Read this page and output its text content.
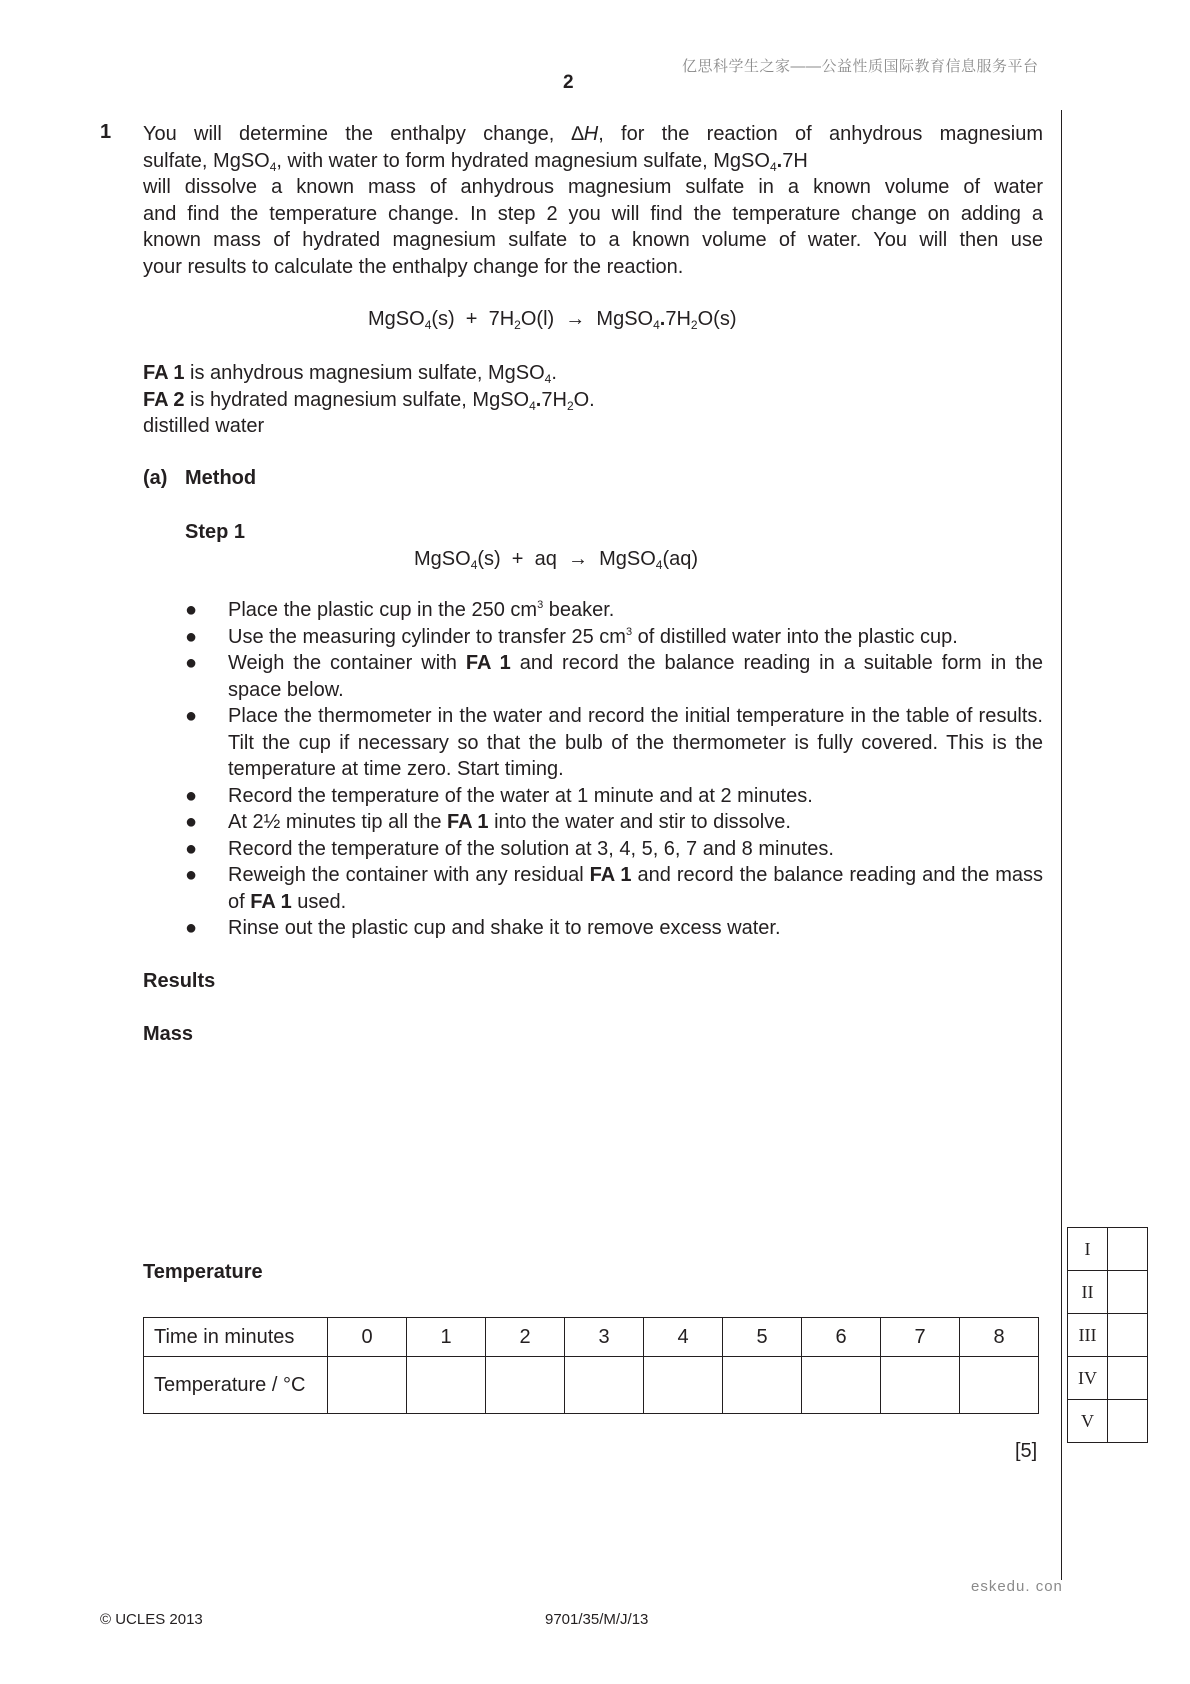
亿思科学生之家——公益性质国际教育信息服务平台
2
1 You will determine the enthalpy change, ∆H, for the reaction of anhydrous magnesium
sulfate, MgSO$_4$, with water to form hydrated magnesium sulfate, MgSO$_4$.7H
will dissolve a known mass of anhydrous magnesium sulfate in a known volume of water
and find the temperature change. In step 2 you will find the temperature change on adding a
known mass of hydrated magnesium sulfate to a known volume of water. You will then use
your results to calculate the enthalpy change for the reaction.
MgSO$_4$(s)  +  $7H_2O(l)$  →  $MgSO_4.7H_2O(s)$
FA 1 is anhydrous magnesium sulfate, MgSO$_4$.
FA 2 is hydrated magnesium sulfate, $MgSO_4.7H_2O$.
distilled water
(a) Method
Step 1
MgSO$_4$(s)  +  aq  →  MgSO$_4$(aq)
● Place the plastic cup in the 250 $cm^3$ beaker.
● Use the measuring cylinder to transfer 25 $cm^3$ of distilled water into the plastic cup.
● Weigh the container with FA 1 and record the balance reading in a suitable form in the space below.
● Place the thermometer in the water and record the initial temperature in the table of results. Tilt the cup if necessary so that the bulb of the thermometer is fully covered. This is the temperature at time zero. Start timing.
● Record the temperature of the water at 1 minute and at 2 minutes.
● At 2½ minutes tip all the FA 1 into the water and stir to dissolve.
● Record the temperature of the solution at 3, 4, 5, 6, 7 and 8 minutes.
● Reweigh the container with any residual FA 1 and record the balance reading and the mass of FA 1 used.
● Rinse out the plastic cup and shake it to remove excess water.
Results
Mass
Temperature
Time in minutes	0	1	2	3	4	5	6	7	8
Temperature / °C									
[5]
I	
II	
III	
IV	
V	
eskedu. con
© UCLES 2013	9701/35/M/J/13
